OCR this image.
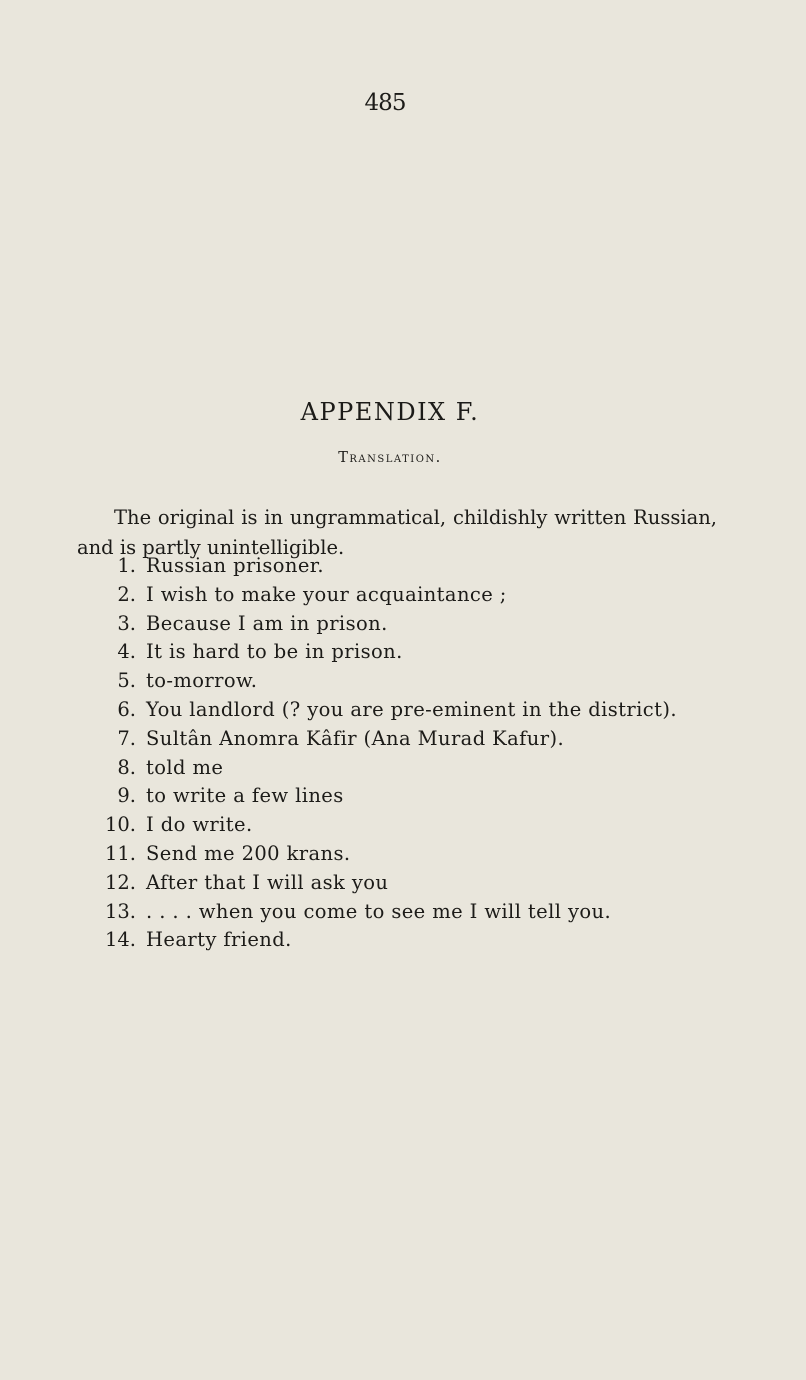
485
APPENDIX F.
Translation.

The original is in ungrammatical, childishly written Russian, and is partly unintelligible.

1. Russian prisoner.
2. I wish to make your acquaintance ;
3. Because I am in prison.
4. It is hard to be in prison.
5. to-morrow.
6. You landlord (? you are pre-eminent in the district).
7. Sultân Anomra Kâfir (Ana Murad Kafur).
8. told me
9. to write a few lines
10. I do write.
11. Send me 200 krans.
12. After that I will ask you
13. . . . . when you come to see me I will tell you.
14. Hearty friend.
